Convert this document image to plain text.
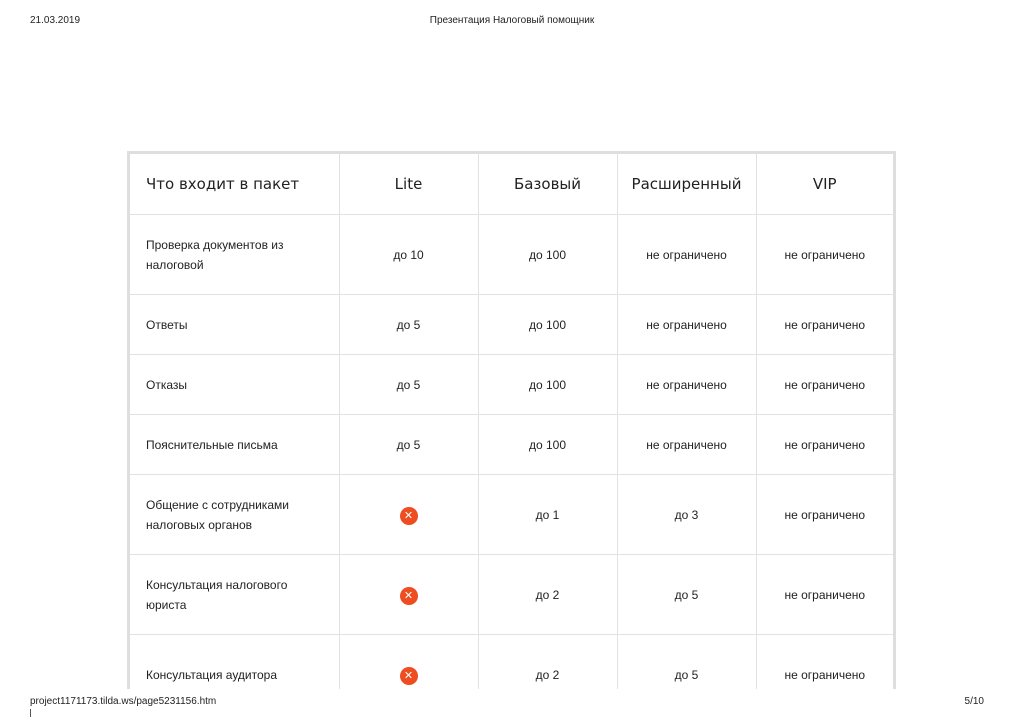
21.03.2019	Презентация Налоговый помощник
Что входит в пакет	Lite	Базовый	Расширенный	VIP
Проверка документов из налоговой	до 10	до 100	не ограничено	не ограничено
Ответы	до 5	до 100	не ограничено	не ограничено
Отказы	до 5	до 100	не ограничено	не ограничено
Пояснительные письма	до 5	до 100	не ограничено	не ограничено
Общение с сотрудниками налоговых органов	✕	до 1	до 3	не ограничено
Консультация налогового юриста	✕	до 2	до 5	не ограничено
Консультация аудитора	✕	до 2	до 5	не ограничено
project1171173.tilda.ws/page5231156.htm	5/10
